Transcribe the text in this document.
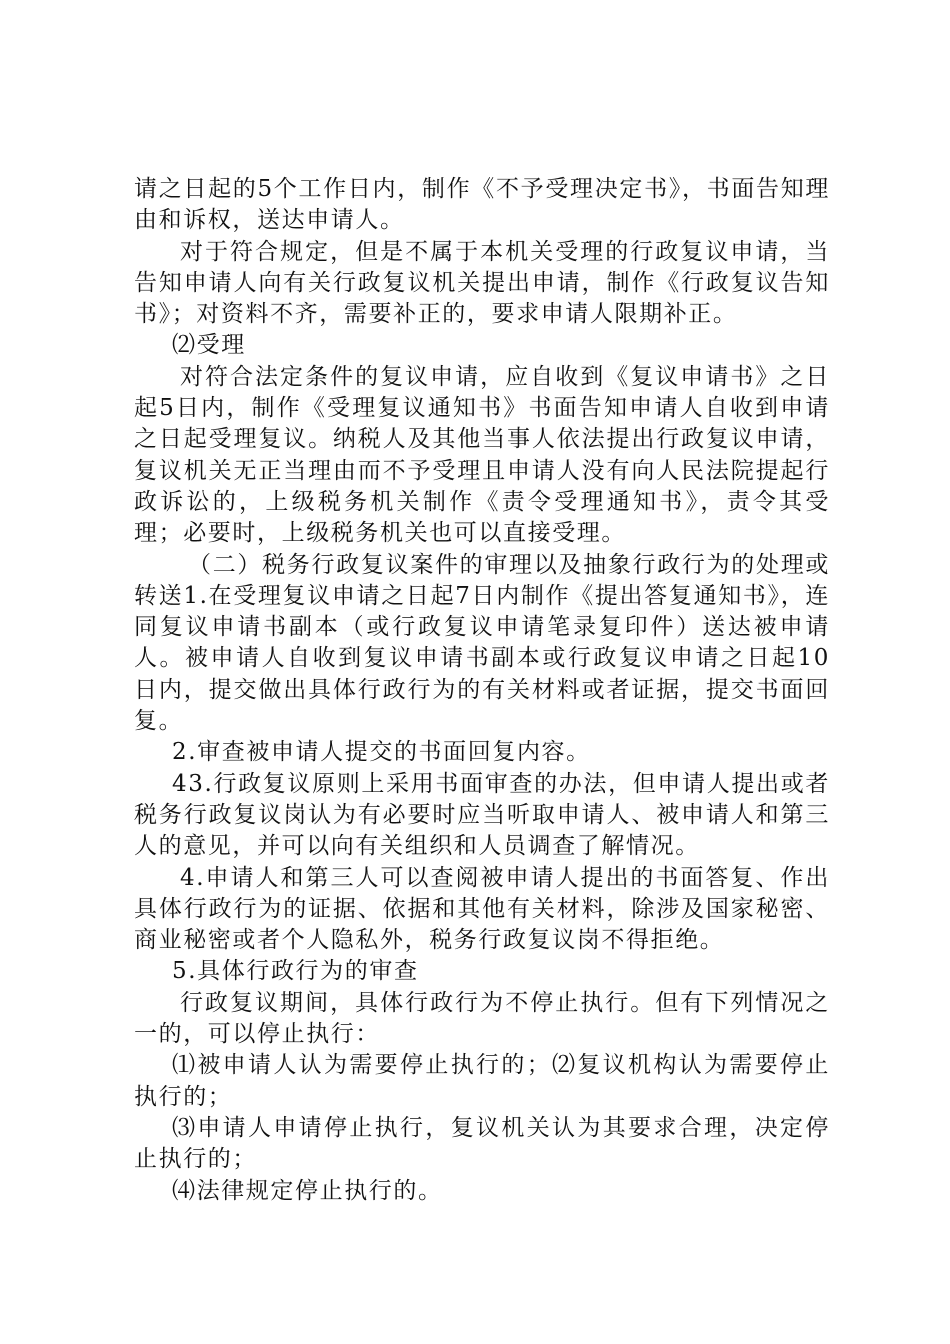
请之日起的5个工作日内，制作《不予受理决定书》，书面告知理由和诉权，送达申请人。

对于符合规定，但是不属于本机关受理的行政复议申请，当告知申请人向有关行政复议机关提出申请，制作《行政复议告知书》；对资料不齐，需要补正的，要求申请人限期补正。

⑵受理

对符合法定条件的复议申请，应自收到《复议申请书》之日起5日内，制作《受理复议通知书》书面告知申请人自收到申请之日起受理复议。纳税人及其他当事人依法提出行政复议申请，复议机关无正当理由而不予受理且申请人没有向人民法院提起行政诉讼的，上级税务机关制作《责令受理通知书》，责令其受理；必要时，上级税务机关也可以直接受理。

（二）税务行政复议案件的审理以及抽象行政行为的处理或转送1.在受理复议申请之日起7日内制作《提出答复通知书》，连同复议申请书副本（或行政复议申请笔录复印件）送达被申请人。被申请人自收到复议申请书副本或行政复议申请之日起10日内，提交做出具体行政行为的有关材料或者证据，提交书面回复。

2.审查被申请人提交的书面回复内容。

43.行政复议原则上采用书面审查的办法，但申请人提出或者税务行政复议岗认为有必要时应当听取申请人、被申请人和第三人的意见，并可以向有关组织和人员调查了解情况。

4.申请人和第三人可以查阅被申请人提出的书面答复、作出具体行政行为的证据、依据和其他有关材料，除涉及国家秘密、商业秘密或者个人隐私外，税务行政复议岗不得拒绝。

5.具体行政行为的审查

行政复议期间，具体行政行为不停止执行。但有下列情况之一的，可以停止执行：

⑴被申请人认为需要停止执行的；⑵复议机构认为需要停止执行的；

⑶申请人申请停止执行，复议机关认为其要求合理，决定停止执行的；

⑷法律规定停止执行的。
